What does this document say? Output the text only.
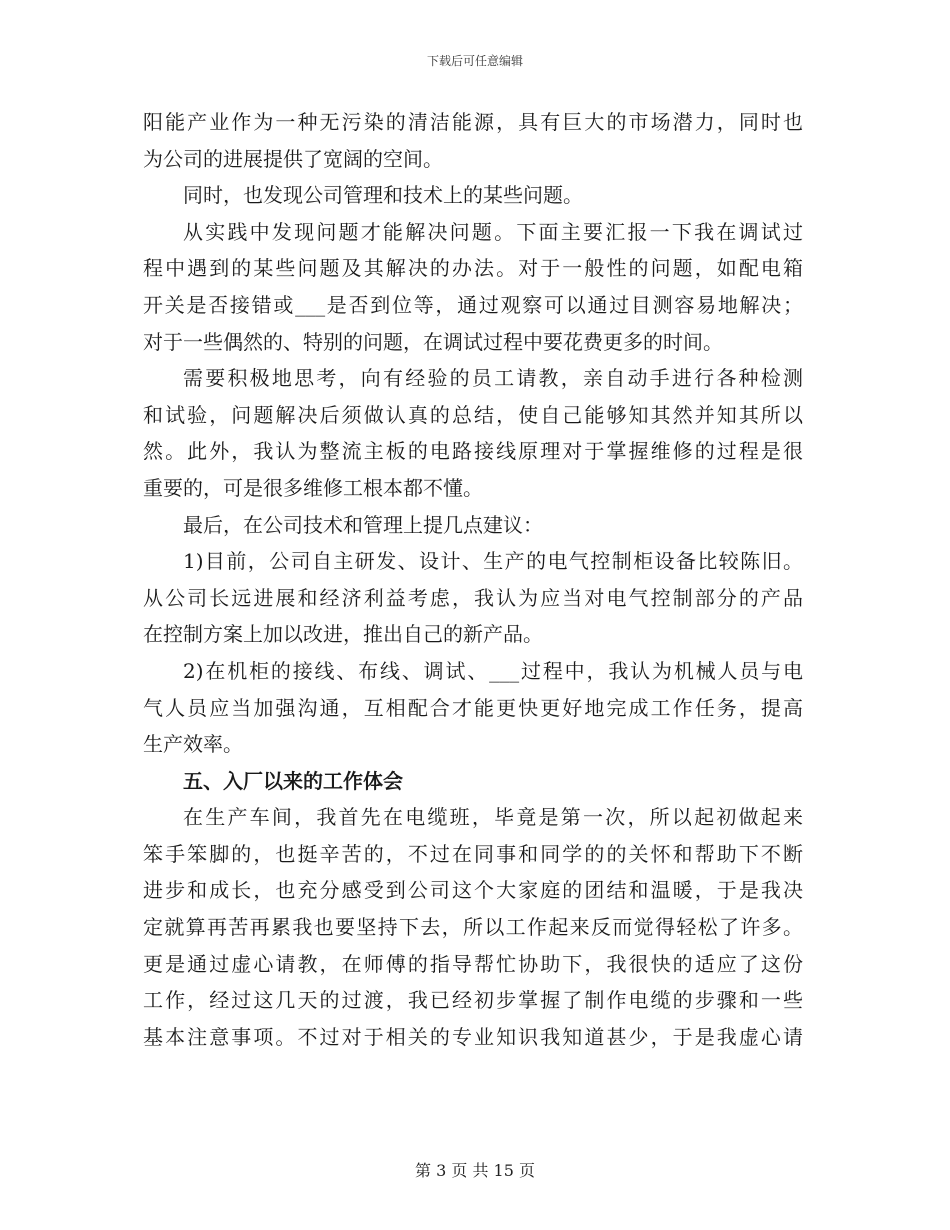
下载后可任意编辑
阳能产业作为一种无污染的清洁能源，具有巨大的市场潜力，同时也
为公司的进展提供了宽阔的空间。
同时，也发现公司管理和技术上的某些问题。
从实践中发现问题才能解决问题。下面主要汇报一下我在调试过
程中遇到的某些问题及其解决的办法。对于一般性的问题，如配电箱
开关是否接错或___是否到位等，通过观察可以通过目测容易地解决；
对于一些偶然的、特别的问题，在调试过程中要花费更多的时间。
需要积极地思考，向有经验的员工请教，亲自动手进行各种检测
和试验，问题解决后须做认真的总结，使自己能够知其然并知其所以
然。此外，我认为整流主板的电路接线原理对于掌握维修的过程是很
重要的，可是很多维修工根本都不懂。
最后，在公司技术和管理上提几点建议：
1)目前，公司自主研发、设计、生产的电气控制柜设备比较陈旧。
从公司长远进展和经济利益考虑，我认为应当对电气控制部分的产品
在控制方案上加以改进，推出自己的新产品。
2)在机柜的接线、布线、调试、___过程中，我认为机械人员与电
气人员应当加强沟通，互相配合才能更快更好地完成工作任务，提高
生产效率。
五、入厂以来的工作体会
在生产车间，我首先在电缆班，毕竟是第一次，所以起初做起来
笨手笨脚的，也挺辛苦的，不过在同事和同学的的关怀和帮助下不断
进步和成长，也充分感受到公司这个大家庭的团结和温暖，于是我决
定就算再苦再累我也要坚持下去，所以工作起来反而觉得轻松了许多。
更是通过虚心请教，在师傅的指导帮忙协助下，我很快的适应了这份
工作，经过这几天的过渡，我已经初步掌握了制作电缆的步骤和一些
基本注意事项。不过对于相关的专业知识我知道甚少，于是我虚心请
第 3 页 共 15 页
